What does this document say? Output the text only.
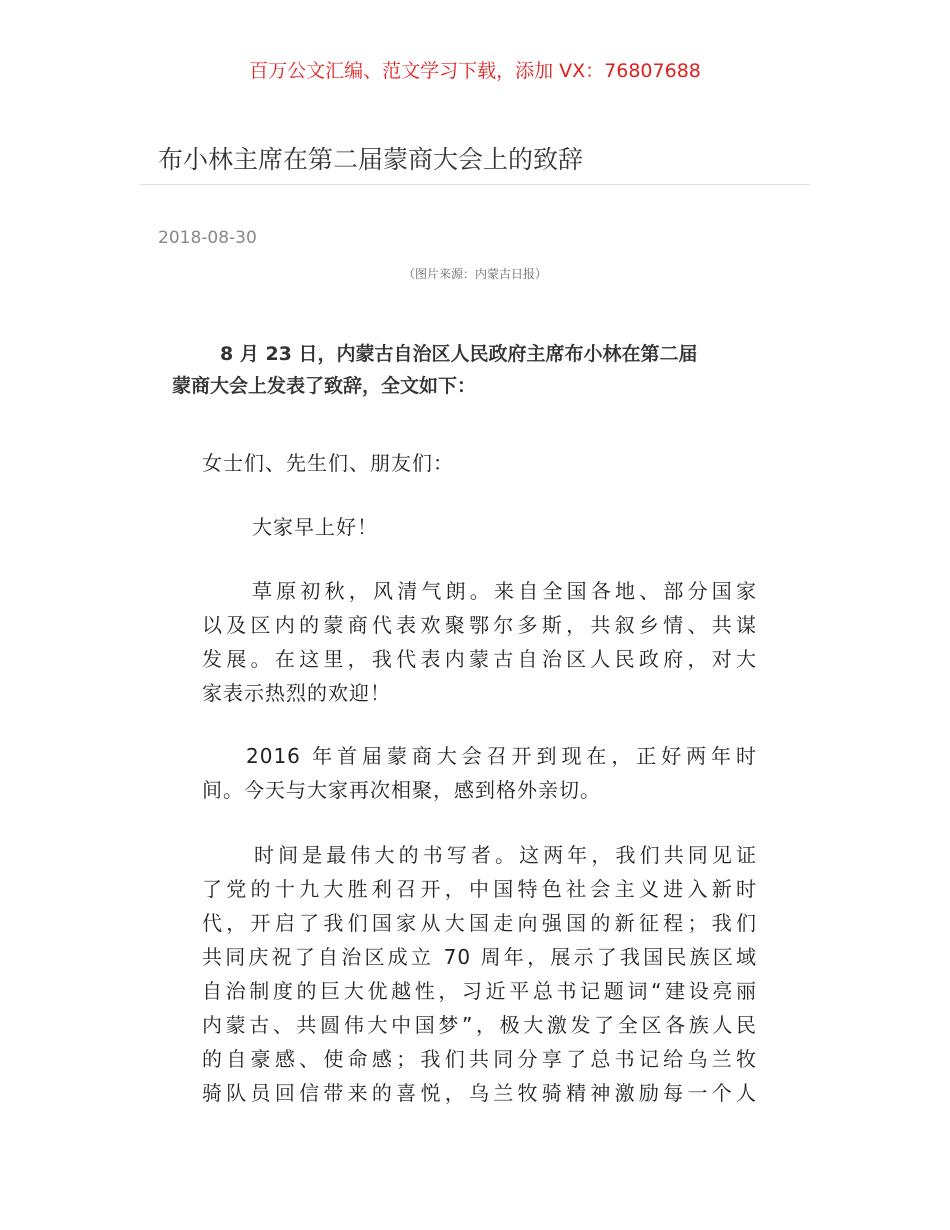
百万公文汇编、范文学习下载，添加 VX：76807688
布小林主席在第二届蒙商大会上的致辞
2018-08-30
（图片来源：内蒙古日报）
8 月 23 日，内蒙古自治区人民政府主席布小林在第二届
蒙商大会上发表了致辞，全文如下：
女士们、先生们、朋友们：
大家早上好！
草原初秋，风清气朗。来自全国各地、部分国家
以及区内的蒙商代表欢聚鄂尔多斯，共叙乡情、共谋
发展。在这里，我代表内蒙古自治区人民政府，对大
家表示热烈的欢迎！
2016 年首届蒙商大会召开到现在，正好两年时
间。今天与大家再次相聚，感到格外亲切。
时间是最伟大的书写者。这两年，我们共同见证
了党的十九大胜利召开，中国特色社会主义进入新时
代，开启了我们国家从大国走向强国的新征程；我们
共同庆祝了自治区成立 70 周年，展示了我国民族区域
自治制度的巨大优越性，习近平总书记题词“建设亮丽
内蒙古、共圆伟大中国梦”，极大激发了全区各族人民
的自豪感、使命感；我们共同分享了总书记给乌兰牧
骑队员回信带来的喜悦，乌兰牧骑精神激励每一个人
